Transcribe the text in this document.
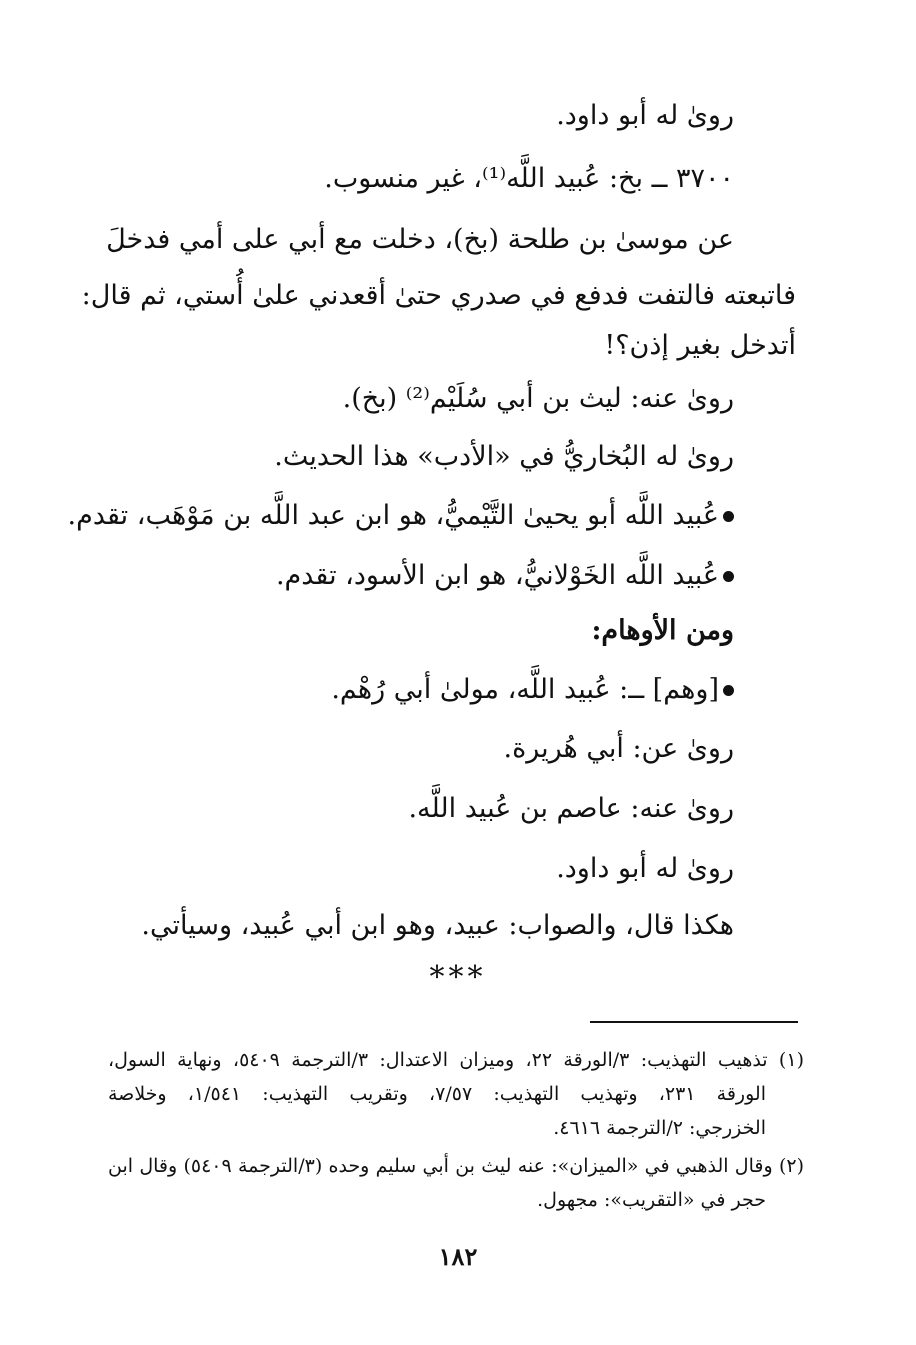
رویٰ له أبو داود.
٣٧٠٠ ــ بخ: عُبيد اللَّه⁽¹⁾، غير منسوب.
عن موسىٰ بن طلحة (بخ)، دخلت مع أبي على أمي فدخلَ
فاتبعته فالتفت فدفع في صدري حتىٰ أقعدني علىٰ أُستي، ثم قال:
أتدخل بغير إذن؟!
رویٰ عنه: ليث بن أبي سُلَيْم⁽²⁾ (بخ).
رویٰ له البُخاريُّ في «الأدب» هذا الحديث.
عُبيد اللَّه أبو يحيىٰ التَّيْميُّ، هو ابن عبد اللَّه بن مَوْهَب، تقدم.
عُبيد اللَّه الخَوْلانيُّ، هو ابن الأسود، تقدم.
ومن الأوهام:
[وهم] ــ: عُبيد اللَّه، مولىٰ أبي رُهْم.
رویٰ عن: أبي هُريرة.
رویٰ عنه: عاصم بن عُبيد اللَّه.
رویٰ له أبو داود.
هكذا قال، والصواب: عبيد، وهو ابن أبي عُبيد، وسيأتي.
***
(١) تذهيب التهذيب: ٣/الورقة ٢٢، وميزان الاعتدال: ٣/الترجمة ٥٤٠٩، ونهاية السول،
الورقة ٢٣١، وتهذيب التهذيب: ٧/٥٧، وتقريب التهذيب: ١/٥٤١، وخلاصة
الخزرجي: ٢/الترجمة ٤٦١٦.
(٢) وقال الذهبي في «الميزان»: عنه ليث بن أبي سليم وحده (٣/الترجمة ٥٤٠٩) وقال ابن
حجر في «التقريب»: مجهول.
١٨٢
